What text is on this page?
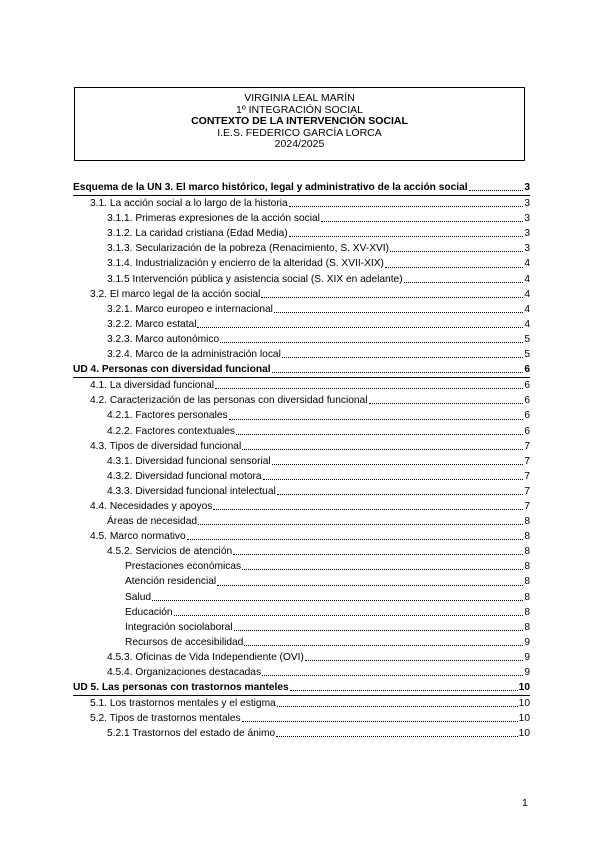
VIRGINIA LEAL MARÍN
1º INTEGRACIÓN SOCIAL
CONTEXTO DE LA INTERVENCIÓN SOCIAL
I.E.S. FEDERICO GARCÍA LORCA
2024/2025
Esquema de la UN 3. El marco histórico, legal y administrativo de la acción social	3
3.1. La acción social a lo largo de la historia	3
3.1.1. Primeras expresiones de la acción social	3
3.1.2. La caridad cristiana (Edad Media)	3
3.1.3. Secularización de la pobreza (Renacimiento, S. XV-XVI)	3
3.1.4. Industrialización y encierro de la alteridad (S. XVII-XIX)	4
3.1.5 Intervención pública y asistencia social (S. XIX en adelante)	4
3.2. El marco legal de la acción social	4
3.2.1. Marco europeo e internacional	4
3.2.2. Marco estatal	4
3.2.3. Marco autonómico	5
3.2.4. Marco de la administración local	5
UD 4. Personas con diversidad funcional	6
4.1. La diversidad funcional	6
4.2. Caracterización de las personas con diversidad funcional	6
4.2.1. Factores personales	6
4.2.2. Factores contextuales	6
4.3. Tipos de diversidad funcional	7
4.3.1. Diversidad funcional sensorial	7
4.3.2. Diversidad funcional motora	7
4.3.3. Diversidad funcional intelectual	7
4.4. Necesidades y apoyos	7
Áreas de necesidad	8
4.5. Marco normativo	8
4.5.2. Servicios de atención	8
Prestaciones económicas	8
Atención residencial	8
Salud	8
Educación	8
Integración sociolaboral	8
Recursos de accesibilidad	9
4.5.3. Oficinas de Vida Independiente (OVI)	9
4.5.4. Organizaciones destacadas	9
UD 5. Las personas con trastornos manteles	10
5.1. Los trastornos mentales y el estigma	10
5.2. Tipos de trastornos mentales	10
5.2.1 Trastornos del estado de ánimo	10
1
